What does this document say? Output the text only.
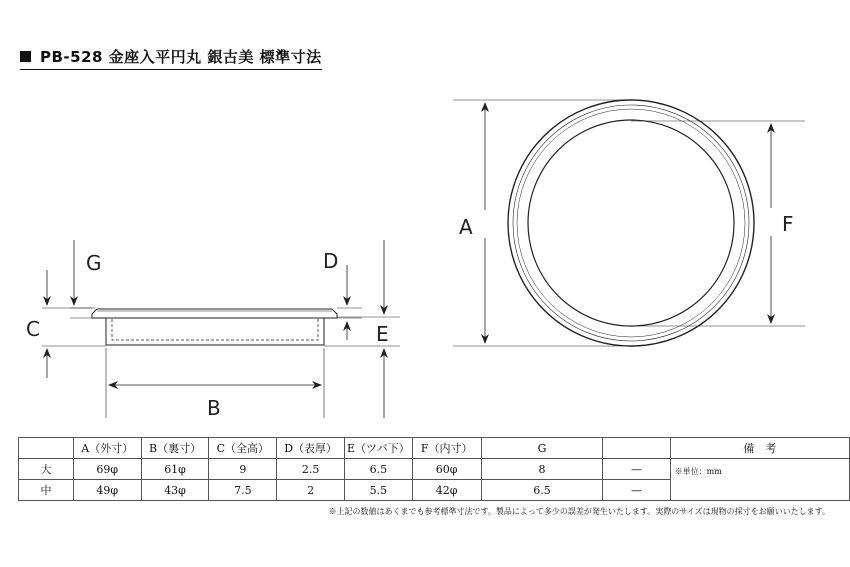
PB-528 金座入平円丸 銀古美 標準寸法
G
C
D
E
B
A	F
	A（外寸）	B（裏寸）	C（全高）	D（表厚）	E（ツバ下）	F（内寸）	G		備　考
大	69φ	61φ	9	2.5	6.5	60φ	8	—	※単位：mm

中	49φ	43φ	7.5	2	5.5	42φ	6.5	—	
※上記の数値はあくまでも参考標準寸法です。製品によって多少の誤差が発生いたします。実際のサイズは現物の採寸をお願いいたします。
